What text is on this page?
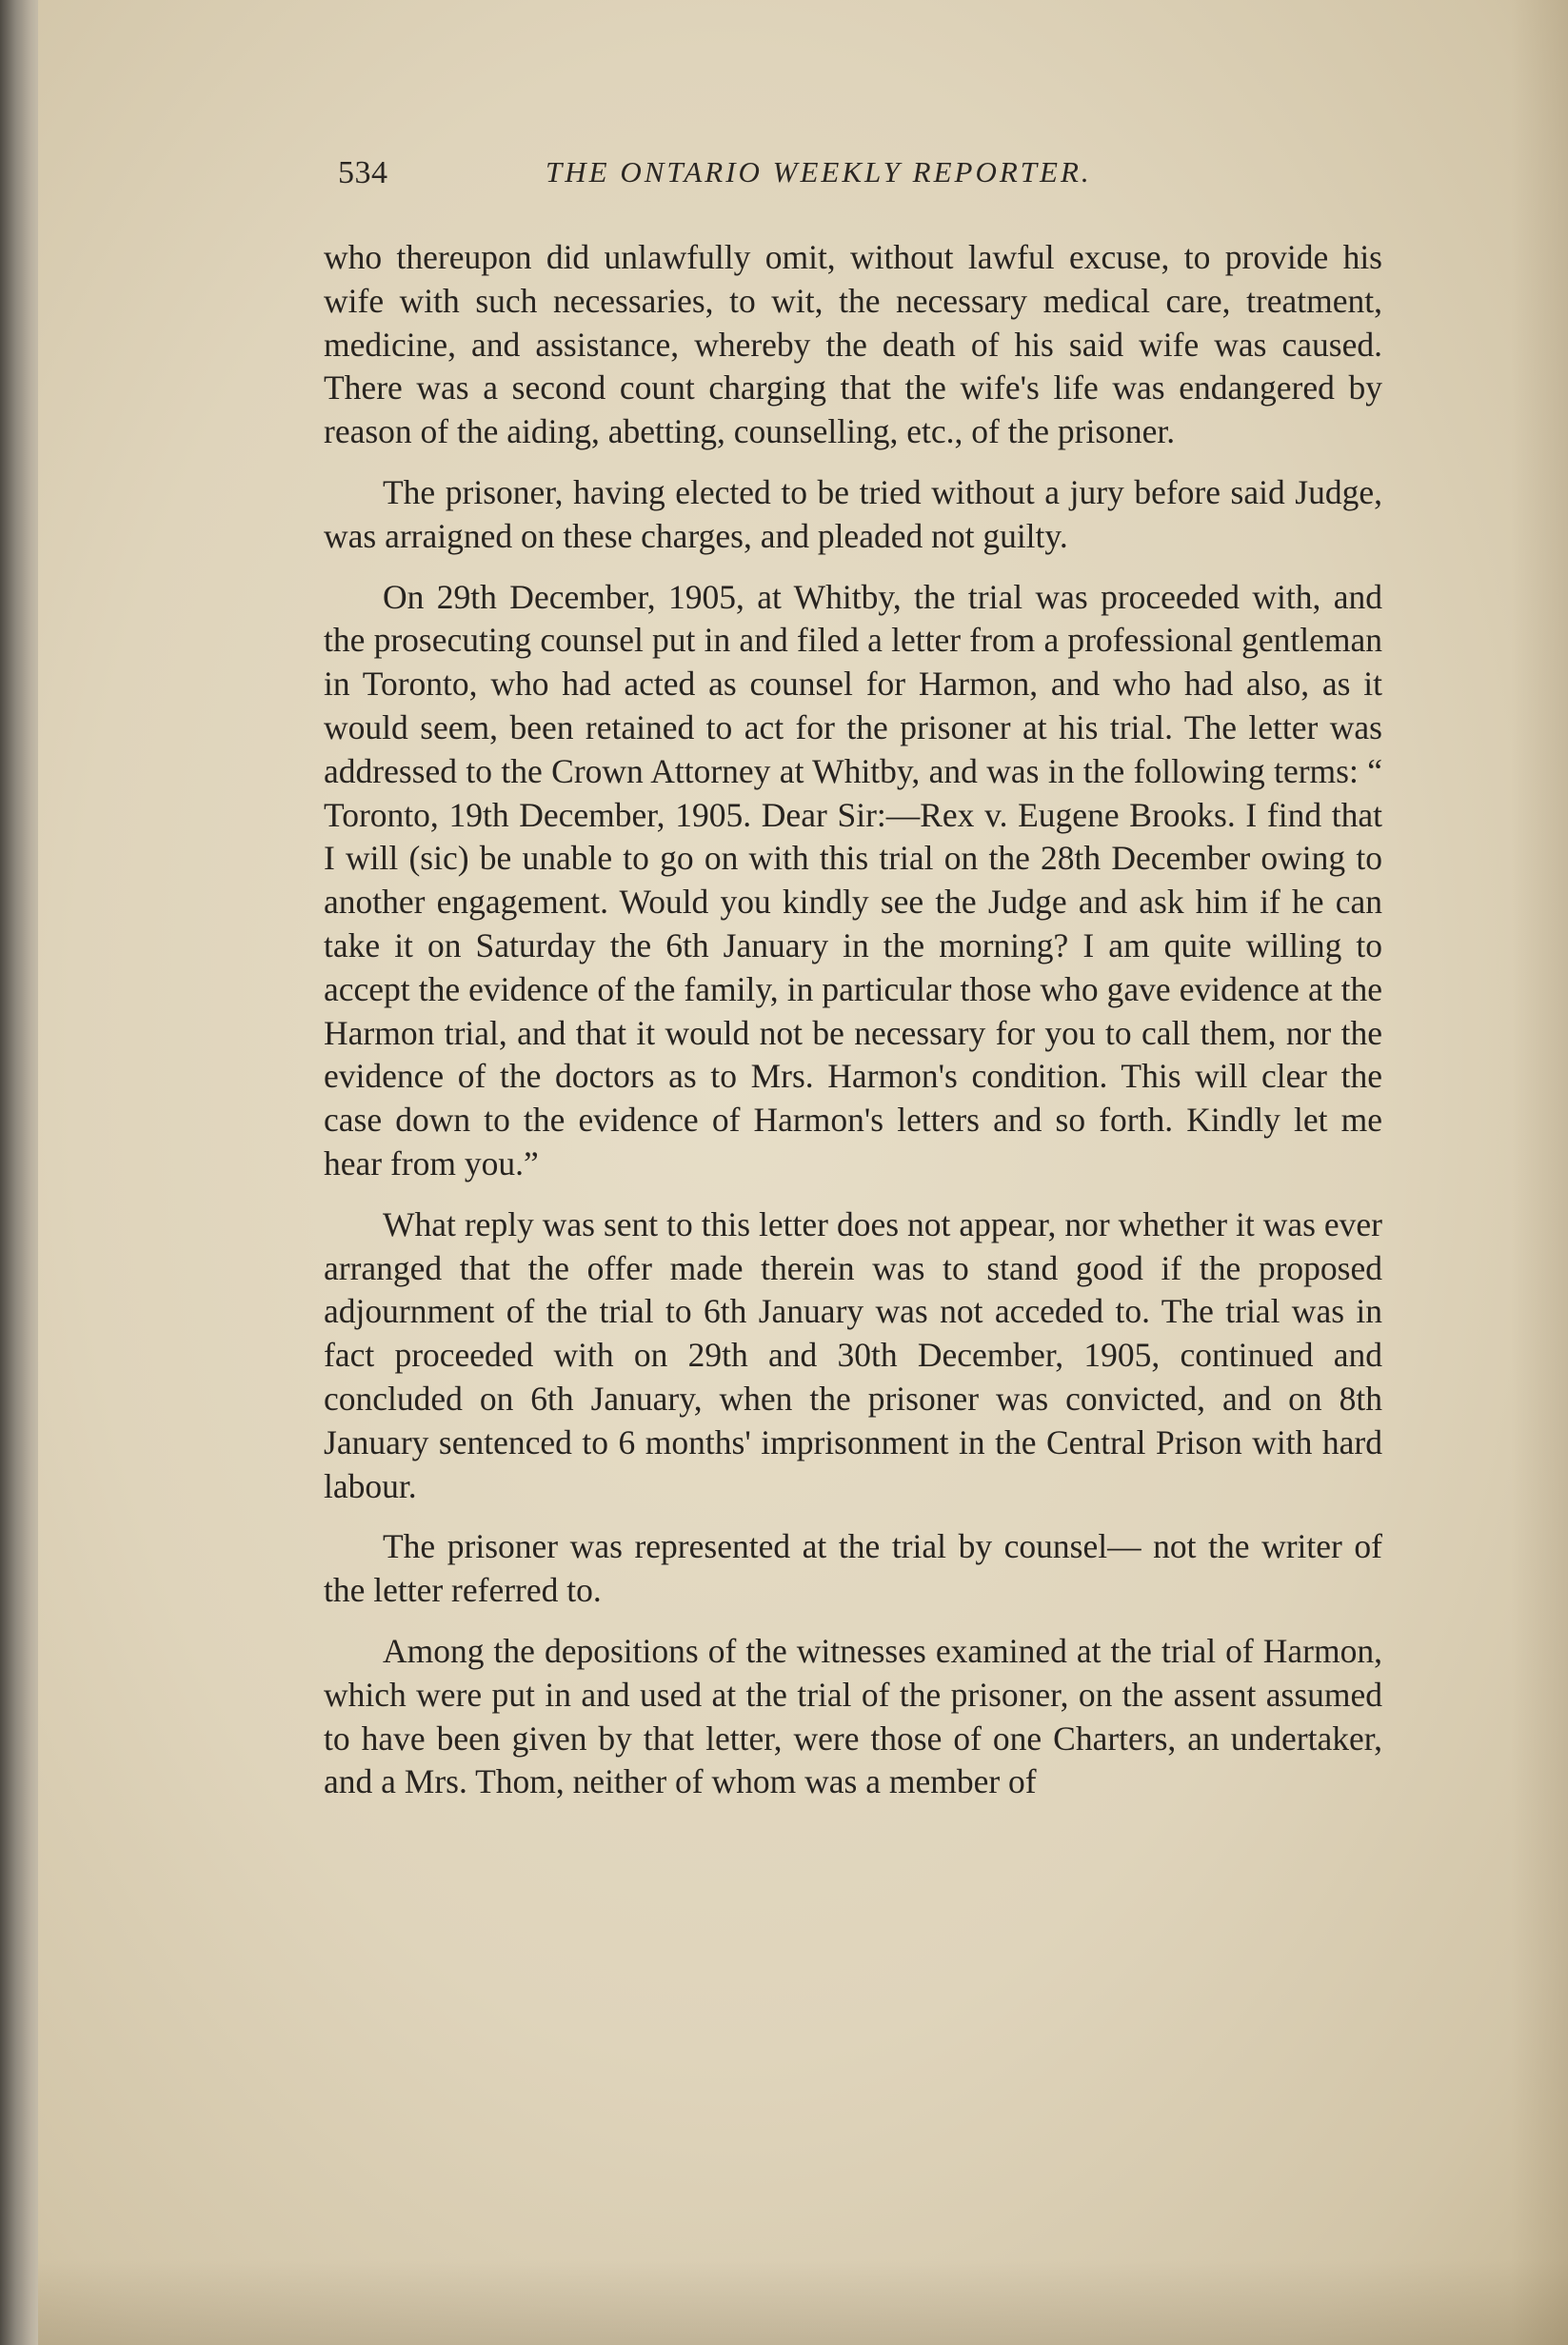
534	THE ONTARIO WEEKLY REPORTER.

who thereupon did unlawfully omit, without lawful excuse, to provide his wife with such necessaries, to wit, the necessary medical care, treatment, medicine, and assistance, whereby the death of his said wife was caused. There was a second count charging that the wife's life was endangered by reason of the aiding, abetting, counselling, etc., of the prisoner.

The prisoner, having elected to be tried without a jury before said Judge, was arraigned on these charges, and pleaded not guilty.

On 29th December, 1905, at Whitby, the trial was proceeded with, and the prosecuting counsel put in and filed a letter from a professional gentleman in Toronto, who had acted as counsel for Harmon, and who had also, as it would seem, been retained to act for the prisoner at his trial. The letter was addressed to the Crown Attorney at Whitby, and was in the following terms: “ Toronto, 19th December, 1905. Dear Sir:—Rex v. Eugene Brooks. I find that I will (sic) be unable to go on with this trial on the 28th December owing to another engagement. Would you kindly see the Judge and ask him if he can take it on Saturday the 6th January in the morning? I am quite willing to accept the evidence of the family, in particular those who gave evidence at the Harmon trial, and that it would not be necessary for you to call them, nor the evidence of the doctors as to Mrs. Harmon's condition. This will clear the case down to the evidence of Harmon's letters and so forth. Kindly let me hear from you.”

What reply was sent to this letter does not appear, nor whether it was ever arranged that the offer made therein was to stand good if the proposed adjournment of the trial to 6th January was not acceded to. The trial was in fact proceeded with on 29th and 30th December, 1905, continued and concluded on 6th January, when the prisoner was convicted, and on 8th January sentenced to 6 months' imprisonment in the Central Prison with hard labour.

The prisoner was represented at the trial by counsel— not the writer of the letter referred to.

Among the depositions of the witnesses examined at the trial of Harmon, which were put in and used at the trial of the prisoner, on the assent assumed to have been given by that letter, were those of one Charters, an undertaker, and a Mrs. Thom, neither of whom was a member of
